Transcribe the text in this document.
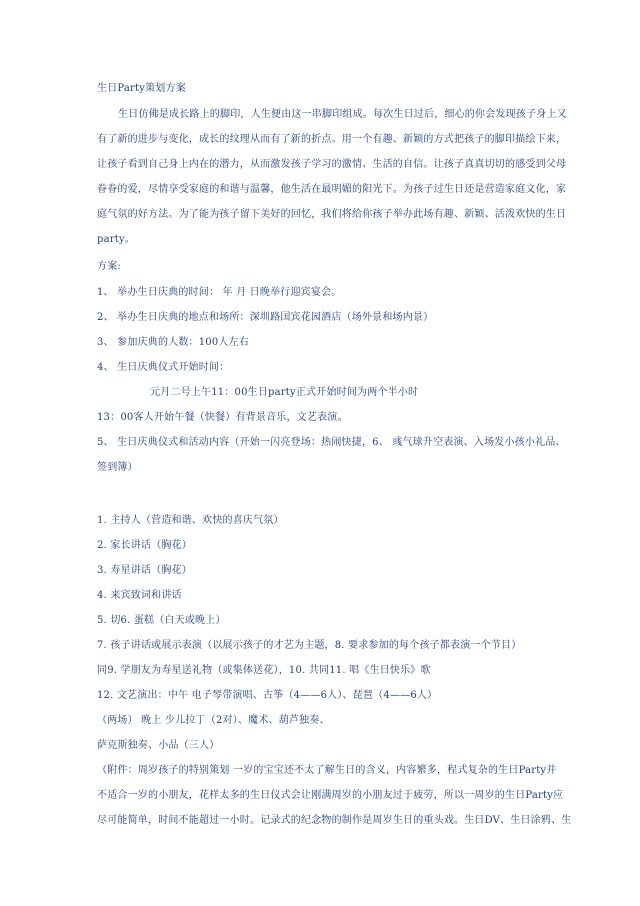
生日Party策划方案
生日仿佛是成长路上的脚印，人生便由这一串脚印组成。每次生日过后，细心的你会发现孩子身上又
有了新的进步与变化，成长的纹理从而有了新的折点。用一个有趣、新颖的方式把孩子的脚印描绘下来，
让孩子看到自己身上内在的潜力，从而激发孩子学习的激情、生活的自信。让孩子真真切切的感受到父母
眷眷的爱，尽情享受家庭的和谐与温馨，他生活在最明媚的阳光下。为孩子过生日还是营造家庭文化，家
庭气氛的好方法。为了能为孩子留下美好的回忆，我们将给你孩子举办此场有趣、新颖、活泼欢快的生日
party。
方案:
1、 举办生日庆典的时间： 年 月 日晚举行迎宾宴会。
2、 举办生日庆典的地点和场所：深圳路国宾花园酒店（场外景和场内景）
3、 参加庆典的人数：100人左右
4、 生日庆典仪式开始时间：
元月二号上午11：00生日party正式开始时间为两个半小时
13：00客人开始午餐（快餐）有背景音乐，文艺表演。
5、 生日庆典仪式和活动内容（开始一闪亮登场：热闹快捷，6、 彧气球升空表演、入场发小孩小礼品、
签到簿）
1. 主持人（营造和谐、欢快的喜庆气氛）
2. 家长讲话（胸花）
3. 寿星讲话（胸花）
4. 来宾致词和讲话
5. 切6. 蛋糕（白天或晚上）
7. 孩子讲话或展示表演（以展示孩子的才艺为主题，8. 要求参加的每个孩子都表演一个节目）
同9. 学朋友为寿星送礼物（或集体送花），10. 共同11. 唱《生日快乐》歌
12. 文艺演出：中午 电子琴带演唱、古筝（4——6人）、琵琶（4——6人）
（两场） 晚上 少儿拉丁（2对）、魔术、葫芦独奏、
萨克斯独奏、小品（三人）
（附件：周岁孩子的特别策划 一岁的宝宝还不太了解生日的含义，内容繁多，程式复杂的生日Party并
不适合一岁的小朋友，花样太多的生日仪式会让刚满周岁的小朋友过于疲劳，所以一周岁的生日Party应
尽可能简单，时间不能超过一小时。记录式的纪念物的制作是周岁生日的重头戏。生日DV、生日涂鸦、生
